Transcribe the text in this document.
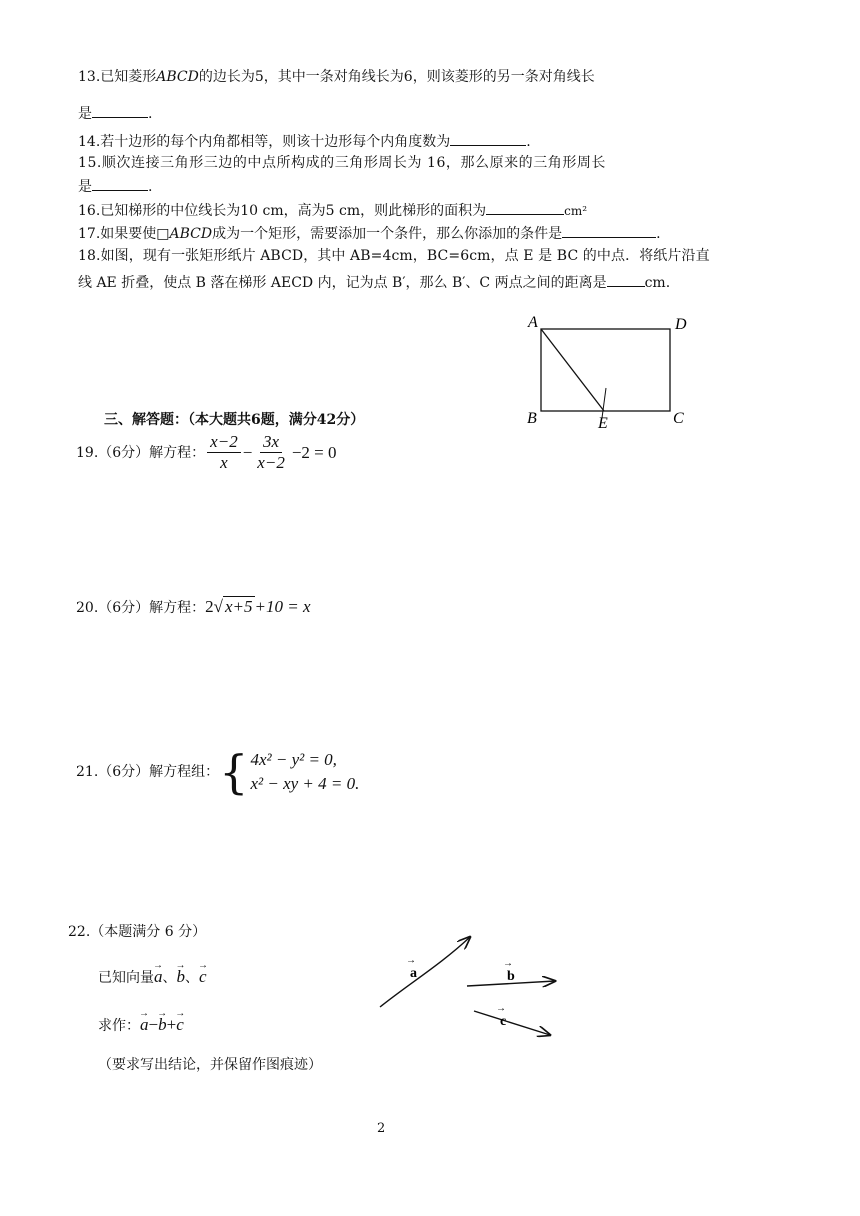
13.已知菱形ABCD的边长为5，其中一条对角线长为6，则该菱形的另一条对角线长
是	.
14.若十边形的每个内角都相等，则该十边形每个内角度数为	.
15.顺次连接三角形三边的中点所构成的三角形周长为 16，那么原来的三角形周长
是	.
16.已知梯形的中位线长为10 cm，高为5 cm，则此梯形的面积为	cm²
17.如果要使□ABCD成为一个矩形，需要添加一个条件，那么你添加的条件是	.
18.如图，现有一张矩形纸片 ABCD，其中 AB=4cm，BC=6cm，点 E 是 BC 的中点．将纸片沿直
线 AE 折叠，使点 B 落在梯形 AECD 内，记为点 B′，那么 B′、C 两点之间的距离是	cm.
A	D
B	E	C
三、解答题：（本大题共6题，满分42分）
19.（6分）解方程： $\frac{x-2}{x} - \frac{3x}{x-2} -2 = 0$
20.（6分）解方程：2√ x+5 +10 = x
21.（6分）解方程组： { 4x² − y² = 0,
x² − xy + 4 = 0.
22.（本题满分 6 分）
已知向量→ a、→ b、→ c
求作：→ a−→ b+→ c
（要求写出结论，并保留作图痕迹）
a	b
c
→	→
→
2
